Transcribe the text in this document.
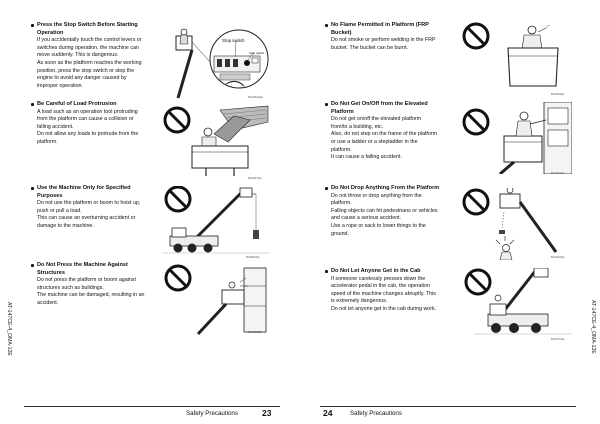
AT-147CE-4_OMA-12E
Press the Stop Switch Before Starting
Operation
If you accidentally touch the control levers or
switches during operation, the machine can
move suddenly. This is dangerous.
As soon as the platform reaches the working
position, press the stop switch or stop the
engine to avoid any danger caused by
improper operation.
Stop switch
Stop switch
BL6064s(E)
Be Careful of Load Protrusion
A load such as an operation tool protruding
from the platform can cause a collision or
falling accident.
Do not allow any loads to protrude from the
platform.
BL6007(E)
Use the Machine Only for Specified
Purposes
Do not use the platform or boom to hoist up,
push or pull a load.
This can cause an overturning accident or
damage to the machine.
BL6062(E)
Do Not Press the Machine Against
Structures
Do not press the platform or boom against
structures such as buildings.
The machine can be damaged, resulting in an
accident.
BL6063(E)
Safety Precautions	23
No Flame Permitted in Platform (FRP
Bucket)
Do not smoke or perform welding in the FRP
bucket. The bucket can be burnt.
BL6009(E)
Do Not Get On/Off from the Elevated
Platform
Do not get on/off the elevated platform
from/to a building, etc.
Also, do not step on the frame of the platform
or use a ladder or a stepladder in the
platform.
It can cause a falling accident.
BL6047(E)
Do Not Drop Anything From the Platform
Do not throw or drop anything from the
platform.
Falling objects can hit pedestrians or vehicles
and cause a serious accident.
Use a rope or sack to lower things to the
ground.
BL6022(E)
Do Not Let Anyone Get in the Cab
If someone carelessly presses down the
accelerator pedal in the cab, the operation
speed of the machine changes abruptly. This
is extremely dangerous.
Do not let anyone get in the cab during work.
BL6071(E)	AT-147CE-4_OMA-12E
24	Safety Precautions
